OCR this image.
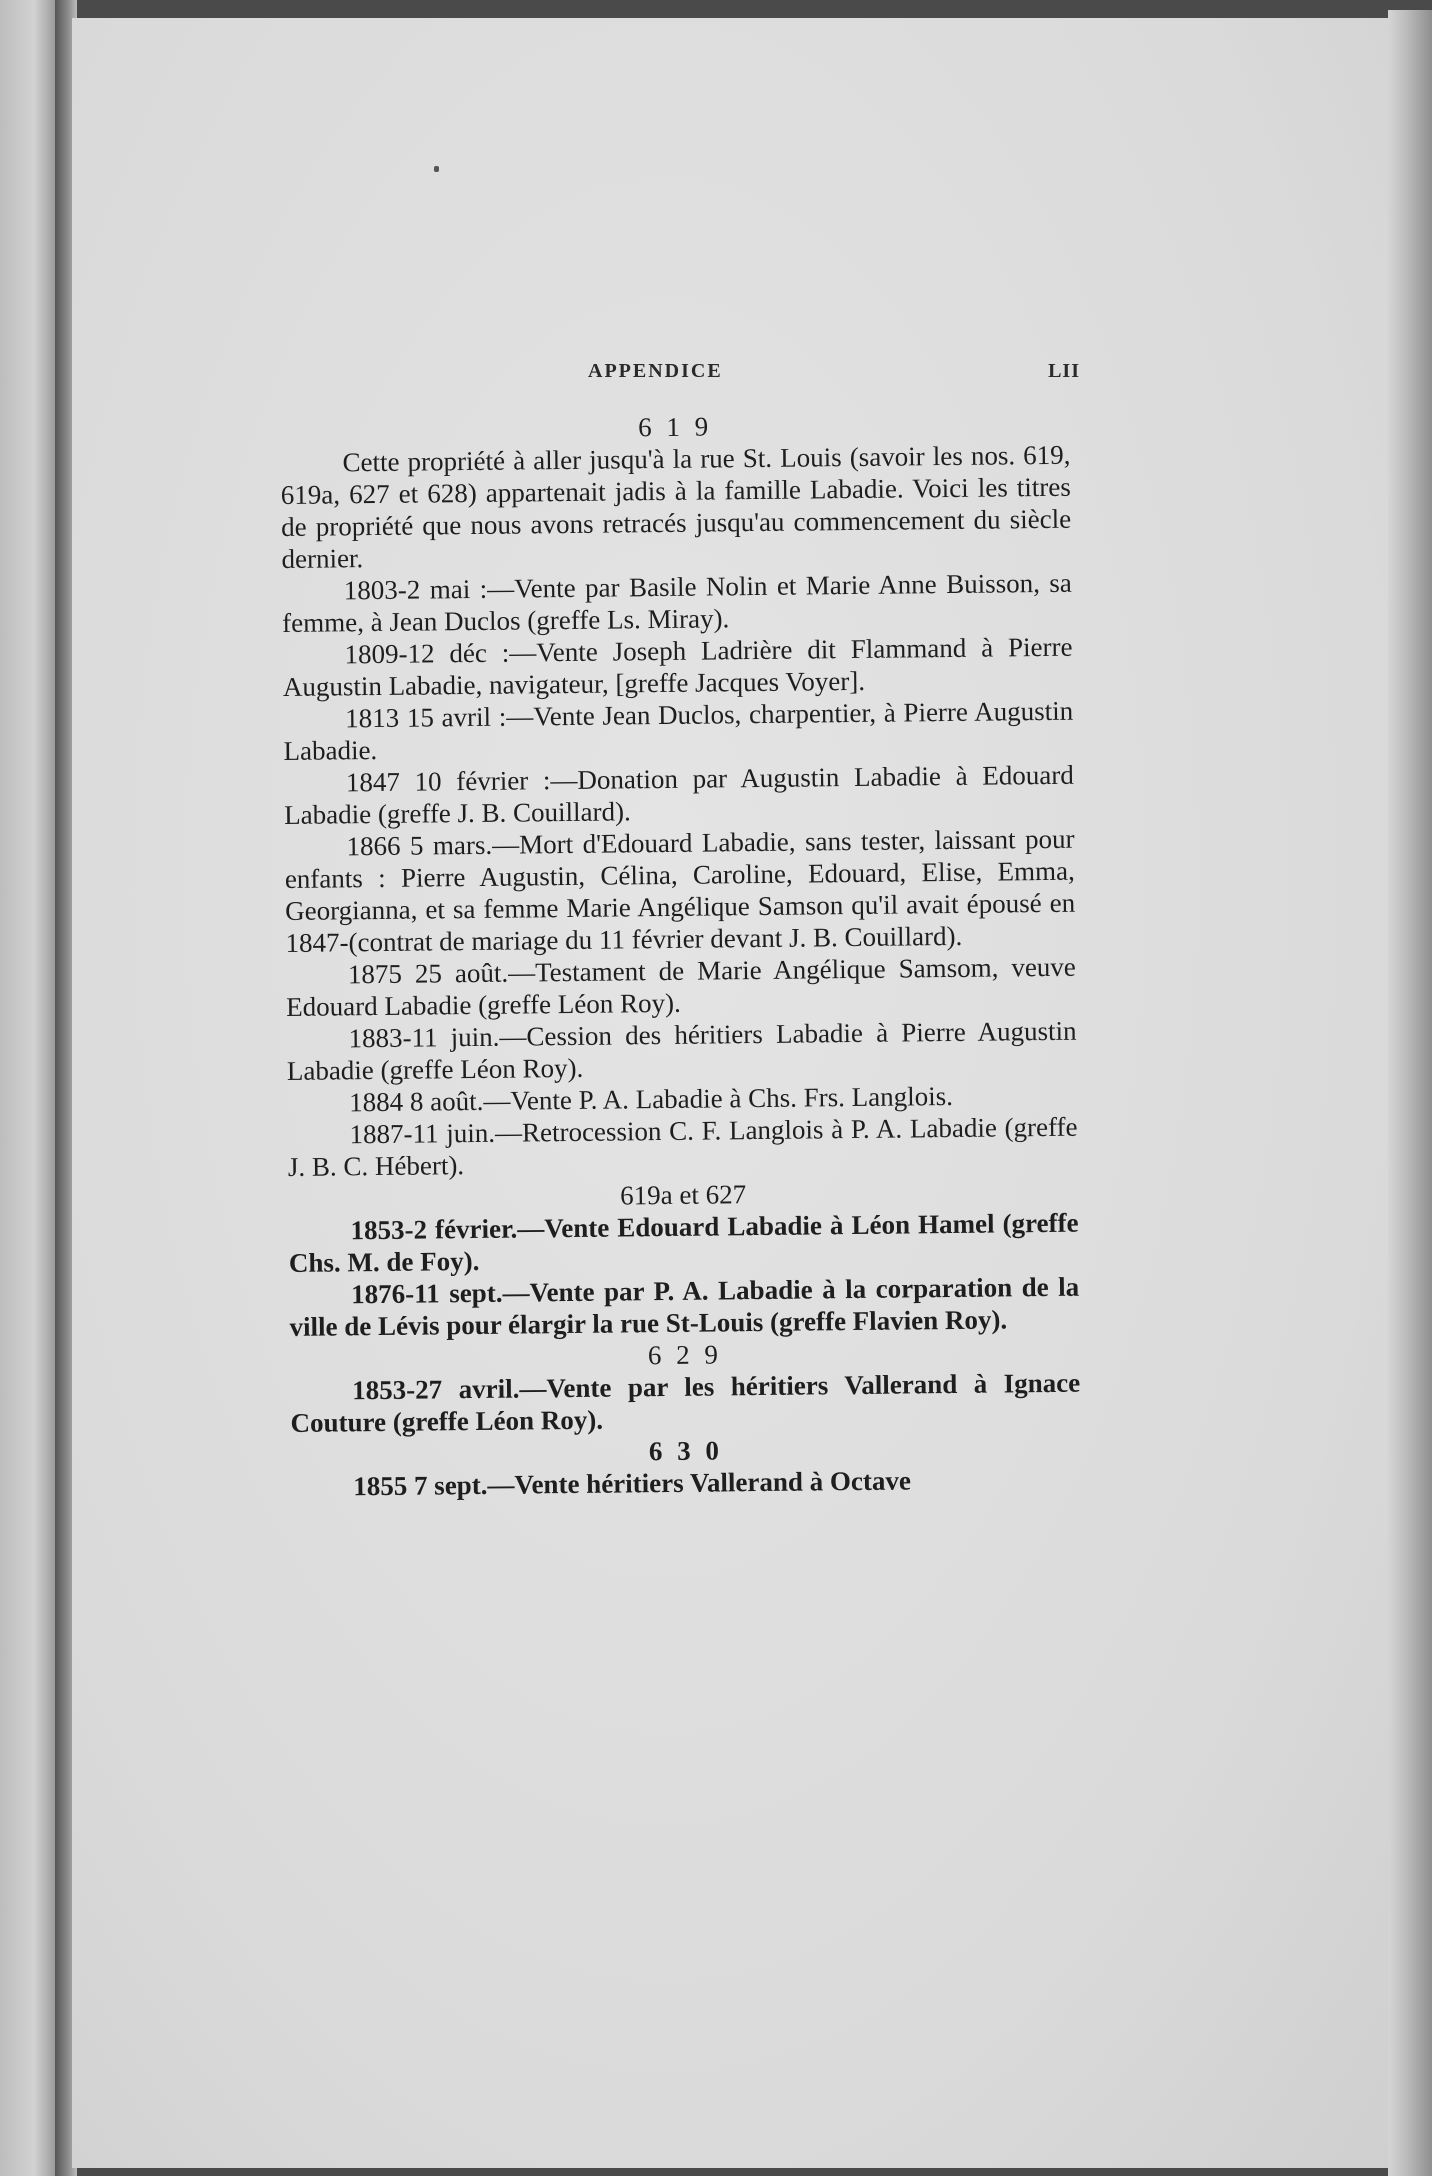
APPENDICE	LII

6 1 9

Cette propriété à aller jusqu'à la rue St. Louis (savoir les nos. 619, 619a, 627 et 628) appartenait jadis à la famille Labadie. Voici les titres de propriété que nous avons retracés jusqu'au commencement du siècle dernier.

1803-2 mai :—Vente par Basile Nolin et Marie Anne Buisson, sa femme, à Jean Duclos (greffe Ls. Miray).

1809-12 déc :—Vente Joseph Ladrière dit Flammand à Pierre Augustin Labadie, navigateur, [greffe Jacques Voyer].

1813 15 avril :—Vente Jean Duclos, charpentier, à Pierre Augustin Labadie.

1847 10 février :—Donation par Augustin Labadie à Edouard Labadie (greffe J. B. Couillard).

1866 5 mars.—Mort d'Edouard Labadie, sans tester, laissant pour enfants : Pierre Augustin, Célina, Caroline, Edouard, Elise, Emma, Georgianna, et sa femme Marie Angélique Samson qu'il avait épousé en 1847-(contrat de mariage du 11 février devant J. B. Couillard).

1875 25 août.—Testament de Marie Angélique Samsom, veuve Edouard Labadie (greffe Léon Roy).

1883-11 juin.—Cession des héritiers Labadie à Pierre Augustin Labadie (greffe Léon Roy).

1884 8 août.—Vente P. A. Labadie à Chs. Frs. Langlois.

1887-11 juin.—Retrocession C. F. Langlois à P. A. Labadie (greffe J. B. C. Hébert).

619a et 627

1853-2 février.—Vente Edouard Labadie à Léon Hamel (greffe Chs. M. de Foy).

1876-11 sept.—Vente par P. A. Labadie à la corparation de la ville de Lévis pour élargir la rue St-Louis (greffe Flavien Roy).

6 2 9

1853-27 avril.—Vente par les héritiers Vallerand à Ignace Couture (greffe Léon Roy).

6 3 0

1855 7 sept.—Vente héritiers Vallerand à Octave
